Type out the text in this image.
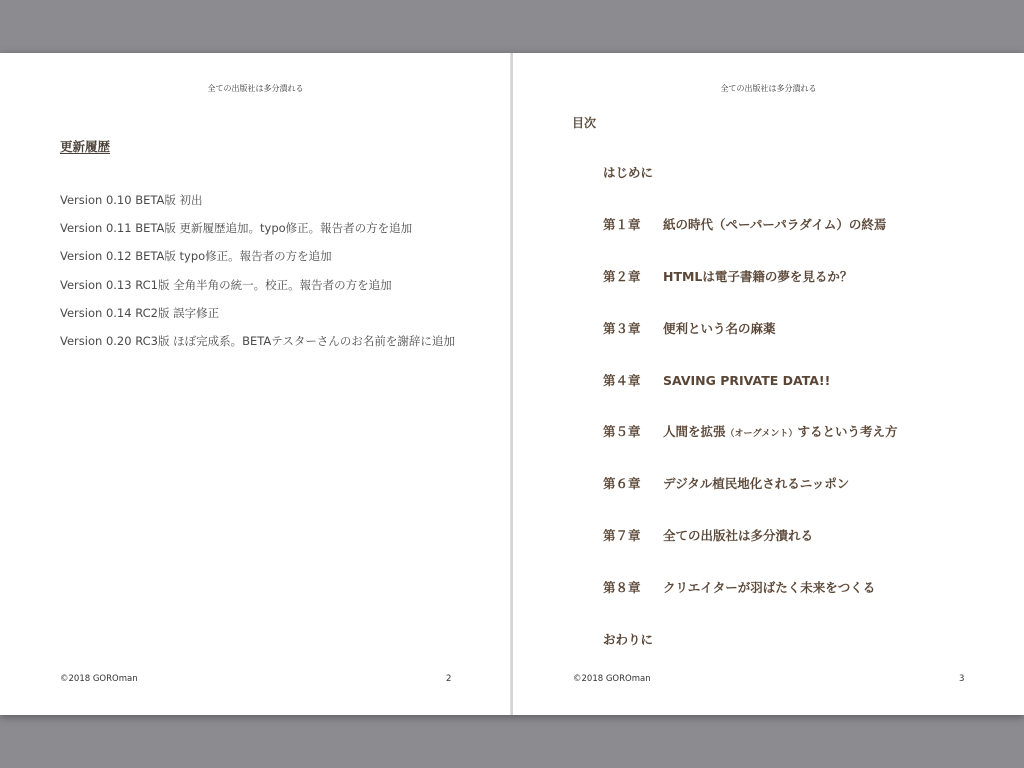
全ての出版社は多分潰れる
更新履歴
Version 0.10 BETA版 初出
Version 0.11 BETA版 更新履歴追加。typo修正。報告者の方を追加
Version 0.12 BETA版 typo修正。報告者の方を追加
Version 0.13 RC1版 全角半角の統一。校正。報告者の方を追加
Version 0.14 RC2版 誤字修正
Version 0.20 RC3版 ほぼ完成系。BETAテスターさんのお名前を謝辞に追加
©2018 GOROman	2
全ての出版社は多分潰れる
目次
はじめに
第１章 紙の時代（ペーパーパラダイム）の終焉
第２章 HTMLは電子書籍の夢を見るか？
第３章 便利という名の麻薬
第４章 SAVING PRIVATE DATA!!
第５章 人間を拡張（オーグメント）するという考え方
第６章 デジタル植民地化されるニッポン
第７章 全ての出版社は多分潰れる
第８章 クリエイターが羽ばたく未来をつくる
おわりに
©2018 GOROman	3
